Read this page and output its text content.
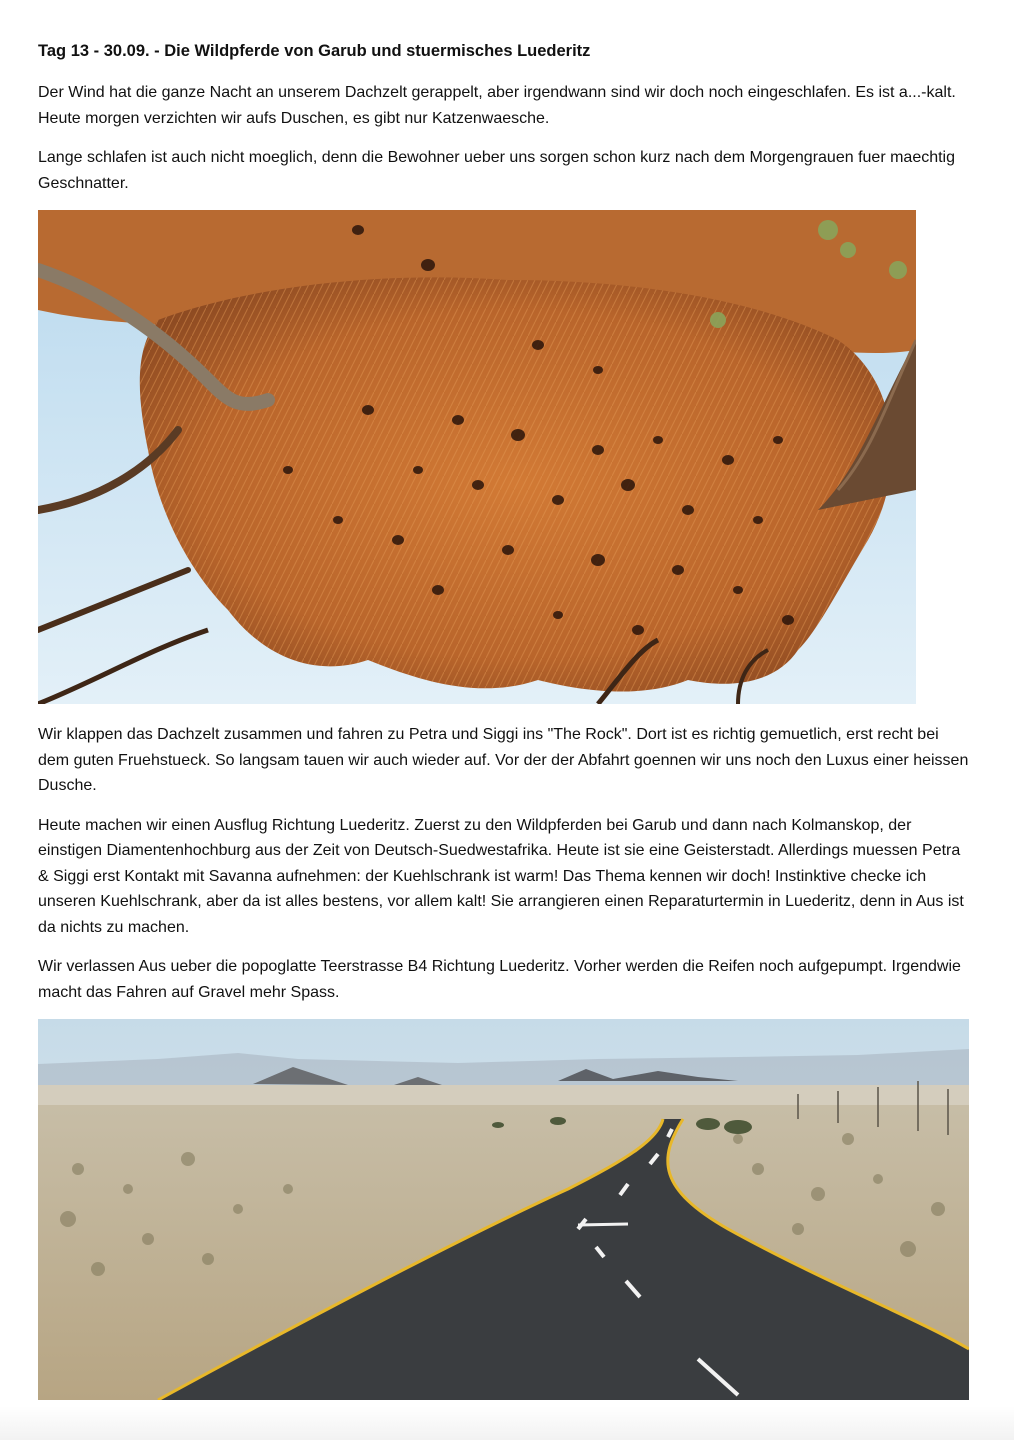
Tag 13 - 30.09. - Die Wildpferde von Garub und stuermisches Luederitz

Der Wind hat die ganze Nacht an unserem Dachzelt gerappelt, aber irgendwann sind wir doch noch eingeschlafen. Es ist a...-kalt. Heute morgen verzichten wir aufs Duschen, es gibt nur Katzenwaesche.

Lange schlafen ist auch nicht moeglich, denn die Bewohner ueber uns sorgen schon kurz nach dem Morgengrauen fuer maechtig Geschnatter.

Wir klappen das Dachzelt zusammen und fahren zu Petra und Siggi ins "The Rock". Dort ist es richtig gemuetlich, erst recht bei dem guten Fruehstueck. So langsam tauen wir auch wieder auf. Vor der der Abfahrt goennen wir uns noch den Luxus einer heissen Dusche.

Heute machen wir einen Ausflug Richtung Luederitz. Zuerst zu den Wildpferden bei Garub und dann nach Kolmanskop, der einstigen Diamentenhochburg aus der Zeit von Deutsch-Suedwestafrika. Heute ist sie eine Geisterstadt. Allerdings muessen Petra & Siggi erst Kontakt mit Savanna aufnehmen: der Kuehlschrank ist warm! Das Thema kennen wir doch! Instinktive checke ich unseren Kuehlschrank, aber da ist alles bestens, vor allem kalt! Sie arrangieren einen Reparaturtermin in Luederitz, denn in Aus ist da nichts zu machen.

Wir verlassen Aus ueber die popoglatte Teerstrasse B4 Richtung Luederitz. Vorher werden die Reifen noch aufgepumpt. Irgendwie macht das Fahren auf Gravel mehr Spass.
